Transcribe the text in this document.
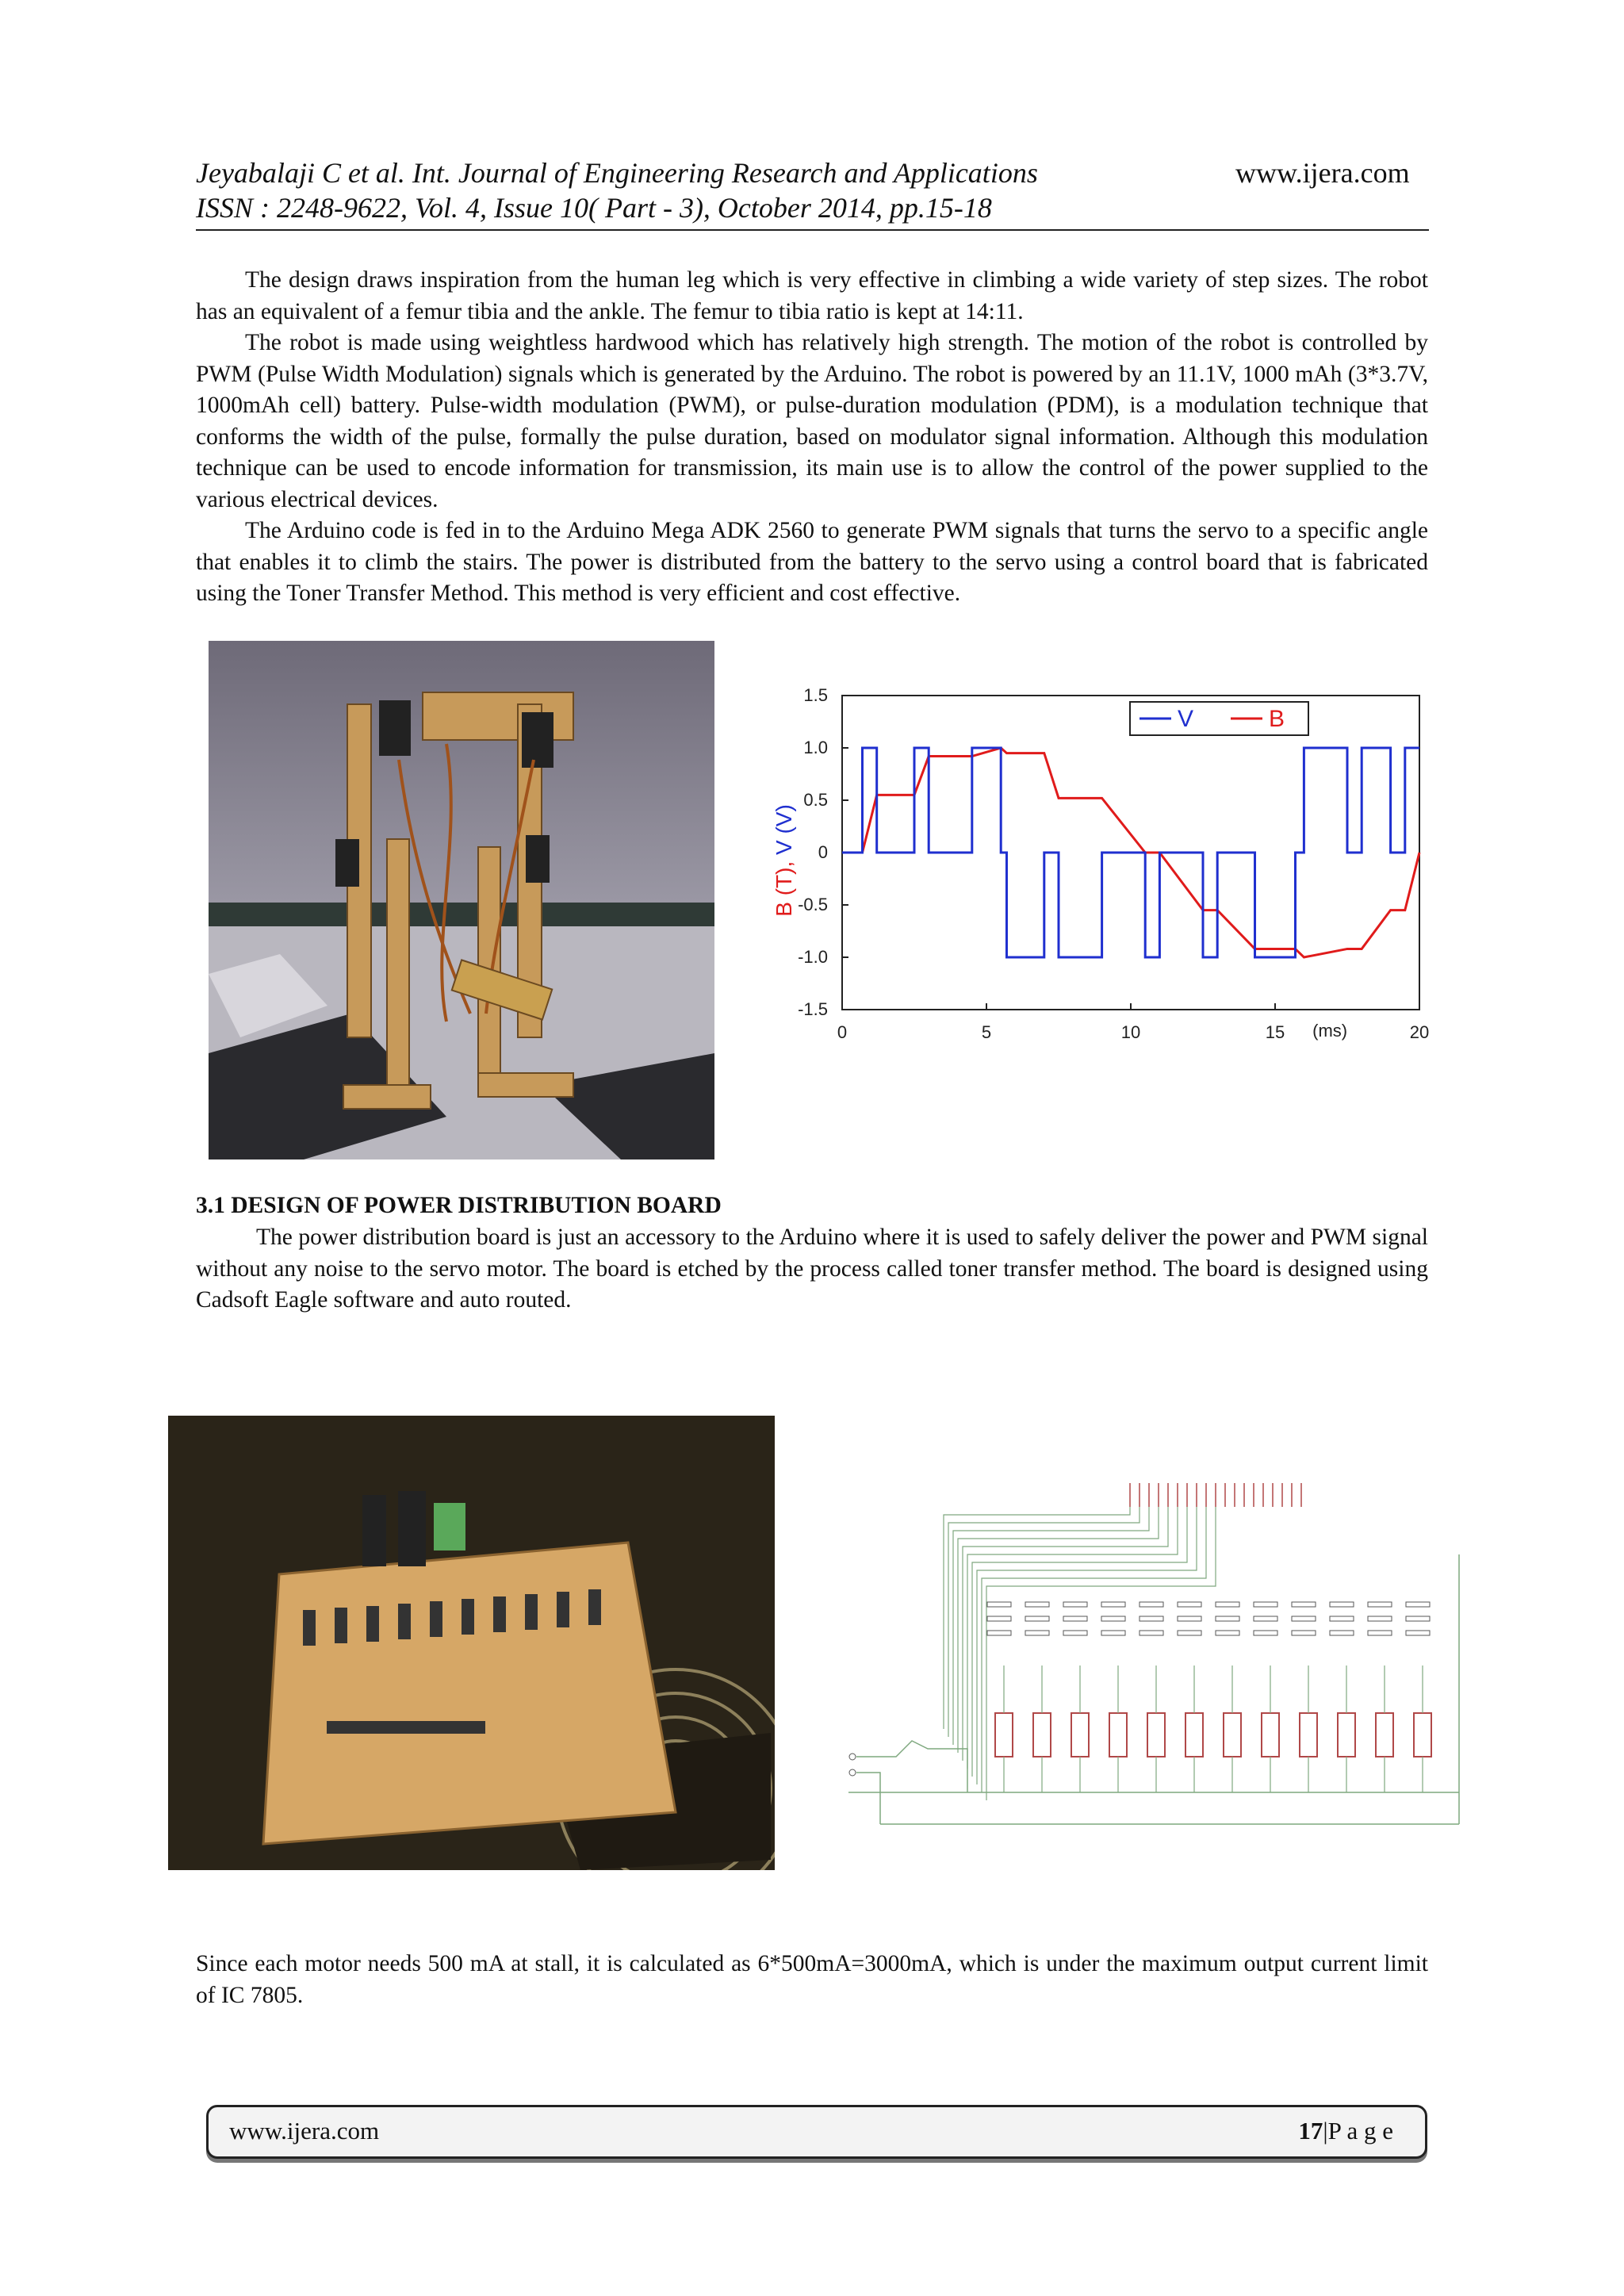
Jeyabalaji C et al. Int. Journal of Engineering Research and Applications	www.ijera.com
ISSN : 2248-9622, Vol. 4, Issue 10( Part - 3), October 2014, pp.15-18

The design draws inspiration from the human leg which is very effective in climbing a wide variety of step sizes. The robot has an equivalent of a femur tibia and the ankle. The femur to tibia ratio is kept at 14:11.

The robot is made using weightless hardwood which has relatively high strength. The motion of the robot is controlled by PWM (Pulse Width Modulation) signals which is generated by the Arduino. The robot is powered by an 11.1V, 1000 mAh (3*3.7V, 1000mAh cell) battery. Pulse-width modulation (PWM), or pulse-duration modulation (PDM), is a modulation technique that conforms the width of the pulse, formally the pulse duration, based on modulator signal information. Although this modulation technique can be used to encode information for transmission, its main use is to allow the control of the power supplied to the various electrical devices.

The Arduino code is fed in to the Arduino Mega ADK 2560 to generate PWM signals that turns the servo to a specific angle that enables it to climb the stairs. The power is distributed from the battery to the servo using a control board that is fabricated using the Toner Transfer Method. This method is very efficient and cost effective.

1.5
1.0
0.5
0
-0.5
-1.0
-1.5
0	5	10	15	20
(ms)
B (T), V (V)
V	B
3.1 DESIGN OF POWER DISTRIBUTION BOARD

The power distribution board is just an accessory to the Arduino where it is used to safely deliver the power and PWM signal without any noise to the servo motor. The board is etched by the process called toner transfer method. The board is designed using Cadsoft Eagle software and auto routed.

Since each motor needs 500 mA at stall, it is calculated as 6*500mA=3000mA, which is under the maximum output current limit of IC 7805.

www.ijera.com	17|P a g e
